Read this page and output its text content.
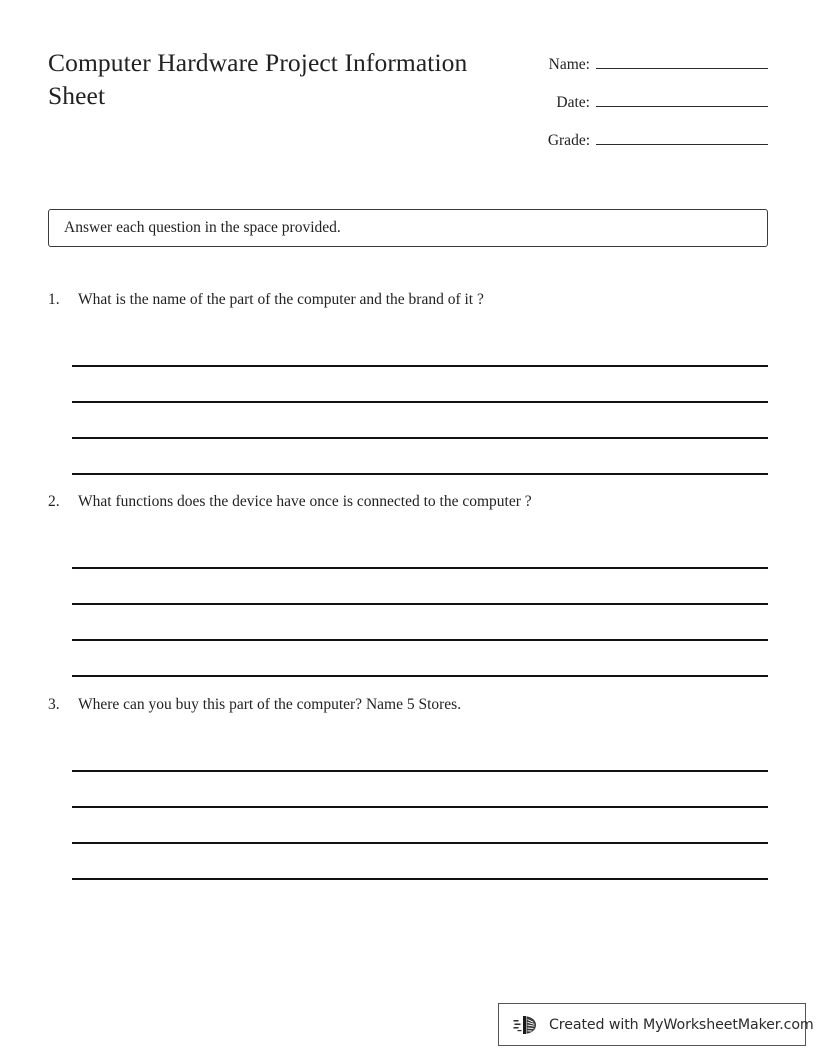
Computer Hardware Project Information Sheet
Name:
Date:
Grade:
Answer each question in the space provided.
1.	What is the name of the part of the computer and the brand of it ?
2.	What functions does the device have once is connected to the computer ?
3.	Where can you buy this part of the computer? Name 5 Stores.
Created with MyWorksheetMaker.com
